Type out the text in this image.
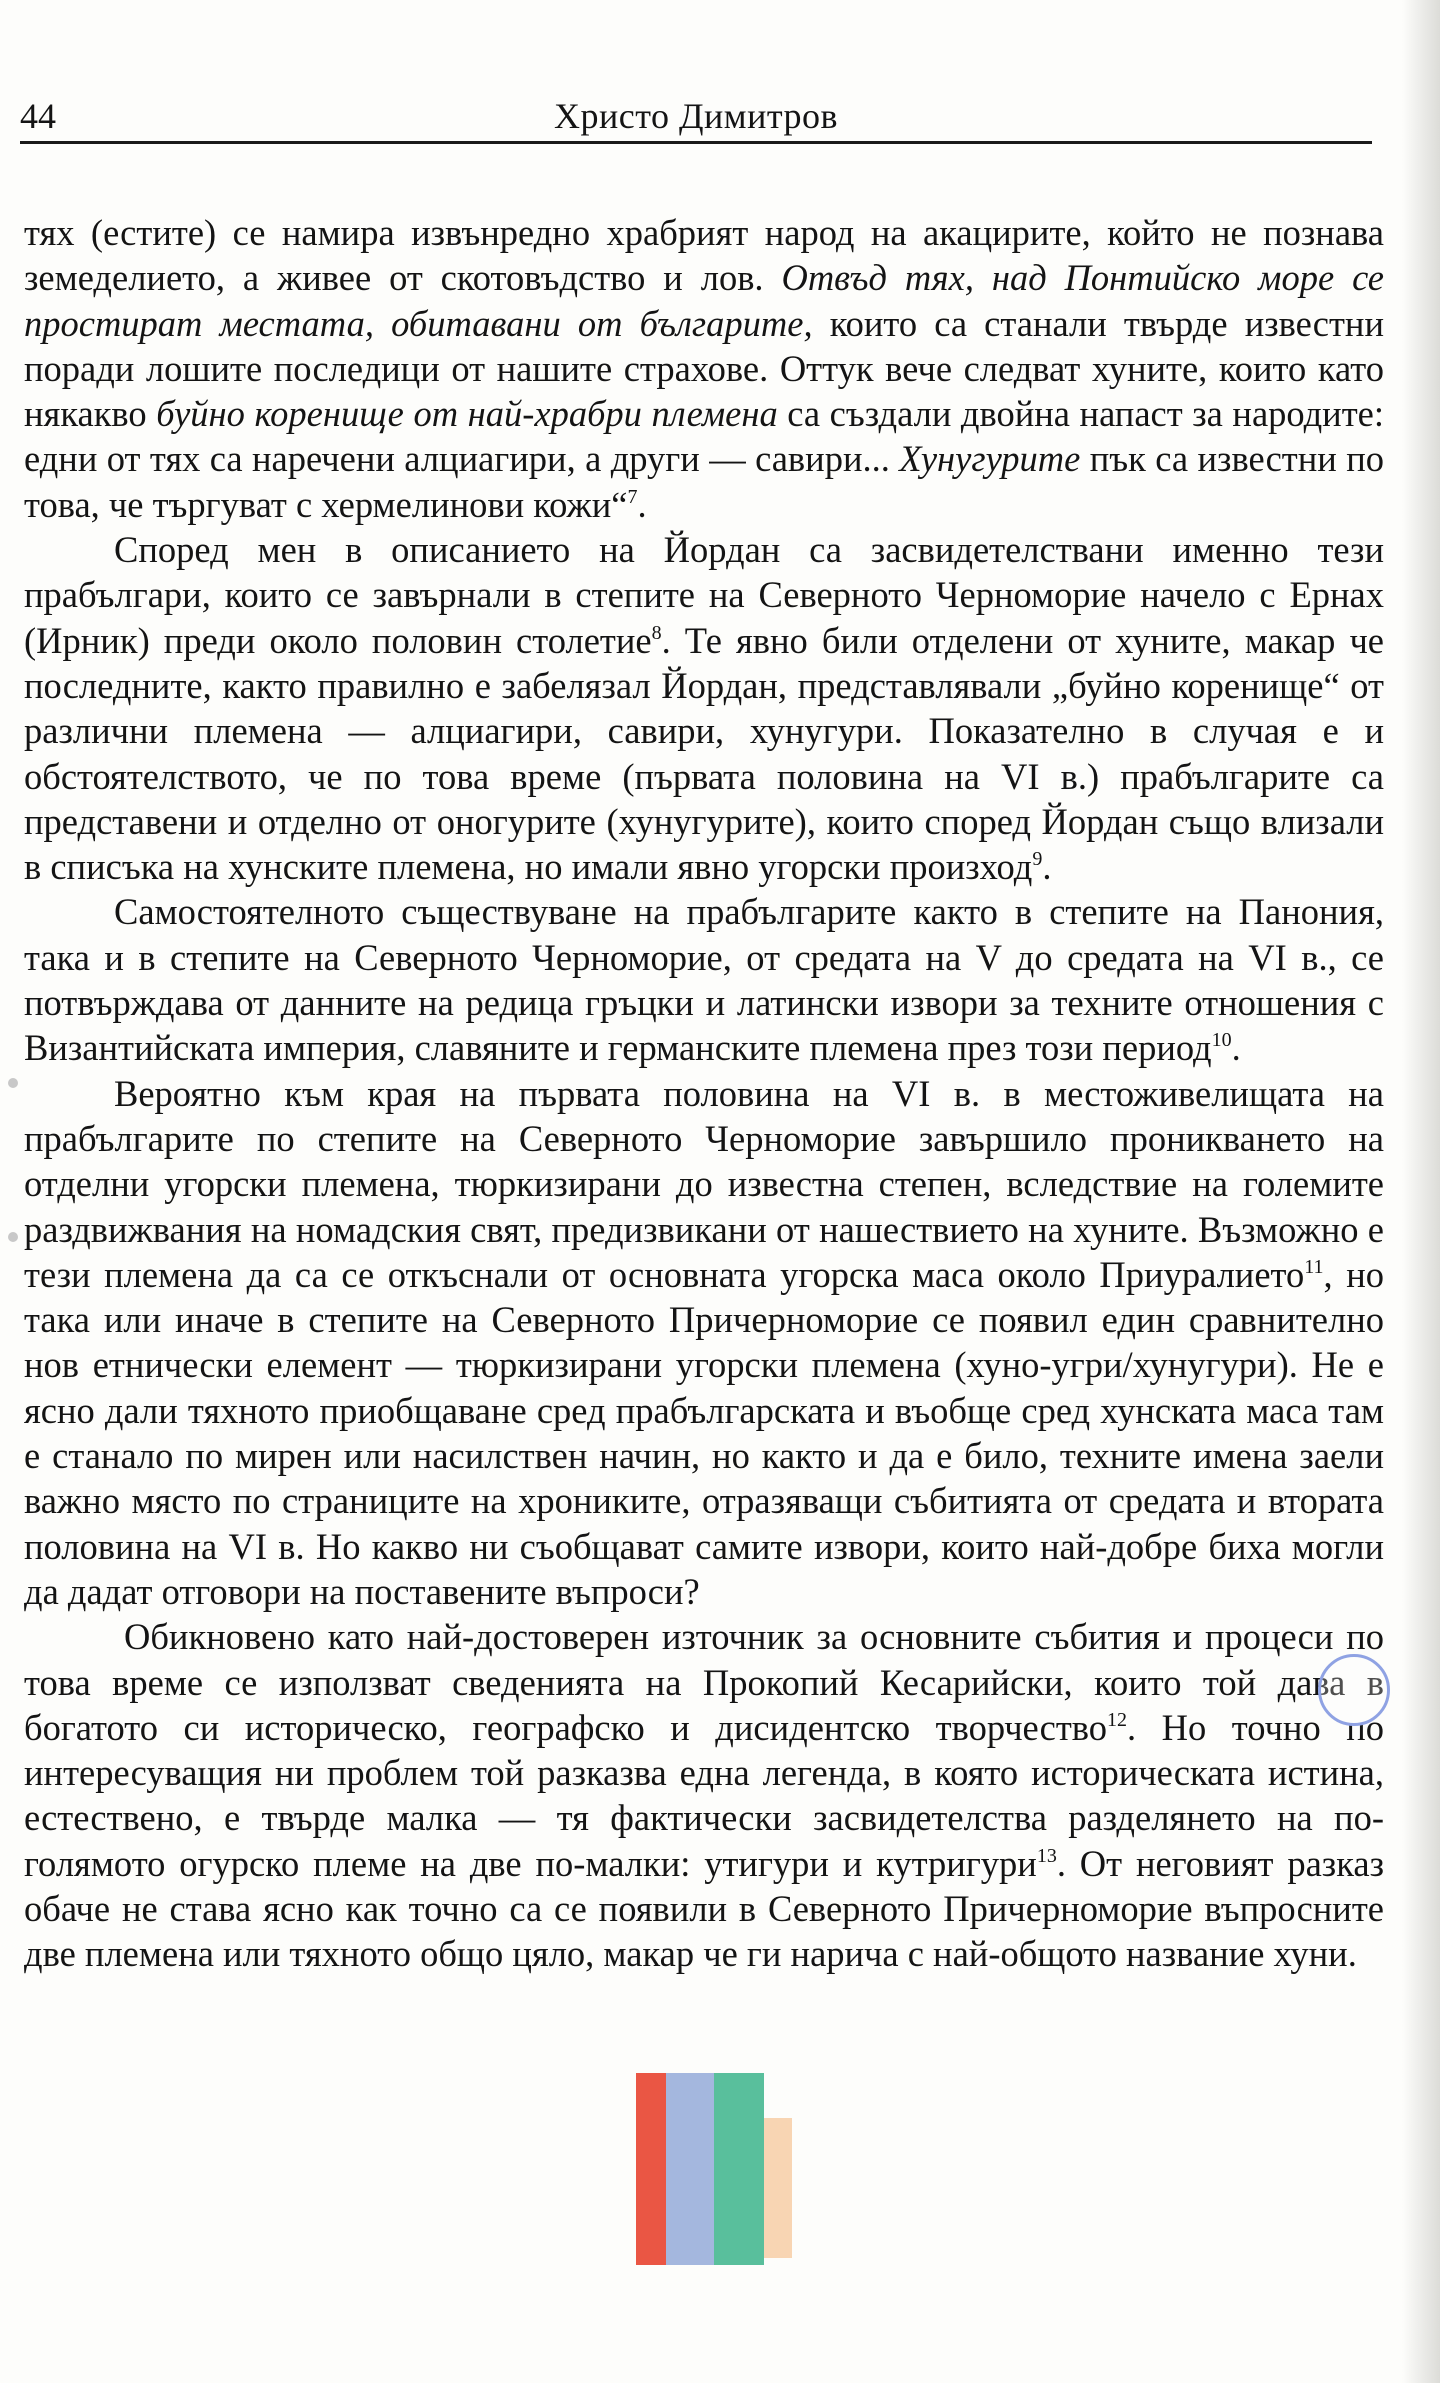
Христо Димитров
44

тях (естите) се намира извънредно храбрият народ на акацирите, който не познава земеделието, а живее от скотовъдство и лов. Отвъд тях, над Понтийско море се простират местата, обитавани от българите, които са станали твърде известни поради лошите последици от нашите страхове. Оттук вече следват хуните, които като някакво буйно коренище от най-храбри племена са създали двойна напаст за народите: едни от тях са наречени алциагири, а други — савири... Хунугурите пък са известни по това, че търгуват с хермелинови кожи“$^7$.

Според мен в описанието на Йордан са засвидетелствани именно тези прабългари, които се завърнали в степите на Северното Черноморие начело с Ернах (Ирник) преди около половин столетие$^8$. Те явно били отделени от хуните, макар че последните, както правилно е забелязал Йордан, представлявали „буйно коренище“ от различни племена — алциагири, савири, хунугури. Показателно в случая е и обстоятелството, че по това време (първата половина на VI в.) прабългарите са представени и отделно от оногурите (хунугурите), които според Йордан също влизали в списъка на хунските племена, но имали явно угорски произход$^9$.

Самостоятелното съществуване на прабългарите както в степите на Панония, така и в степите на Северното Черноморие, от средата на V до средата на VI в., се потвърждава от данните на редица гръцки и латински извори за техните отношения с Византийската империя, славяните и германските племена през този период$^{10}$.

Вероятно към края на първата половина на VI в. в местоживелищата на прабългарите по степите на Северното Черноморие завършило проникването на отделни угорски племена, тюркизирани до известна степен, вследствие на големите раздвижвания на номадския свят, предизвикани от нашествието на хуните. Възможно е тези племена да са се откъснали от основната угорска маса около Приуралието$^{11}$, но така или иначе в степите на Северното Причерноморие се появил един сравнително нов етнически елемент — тюркизирани угорски племена (хуно-угри/хунугури). Не е ясно дали тяхното приобщаване сред прабългарската и въобще сред хунската маса там е станало по мирен или насилствен начин, но както и да е било, техните имена заели важно място по страниците на хрониките, отразяващи събитията от средата и втората половина на VI в. Но какво ни съобщават самите извори, които най-добре биха могли да дадат отговори на поставените въпроси?

Обикновено като най-достоверен източник за основните събития и процеси по това време се използват сведенията на Прокопий Кесарийски, които той дава в богатото си историческо, географско и дисидентско творчество$^{12}$. Но точно по интересуващия ни проблем той разказва една легенда, в която историческата истина, естествено, е твърде малка — тя фактически засвидетелства разделянето на по-голямото огурско племе на две по-малки: утигури и кутригури$^{13}$. От неговият разказ обаче не става ясно как точно са се появили в Северното Причерноморие въпросните две племена или тяхното общо цяло, макар че ги нарича с най-общото название хуни.
